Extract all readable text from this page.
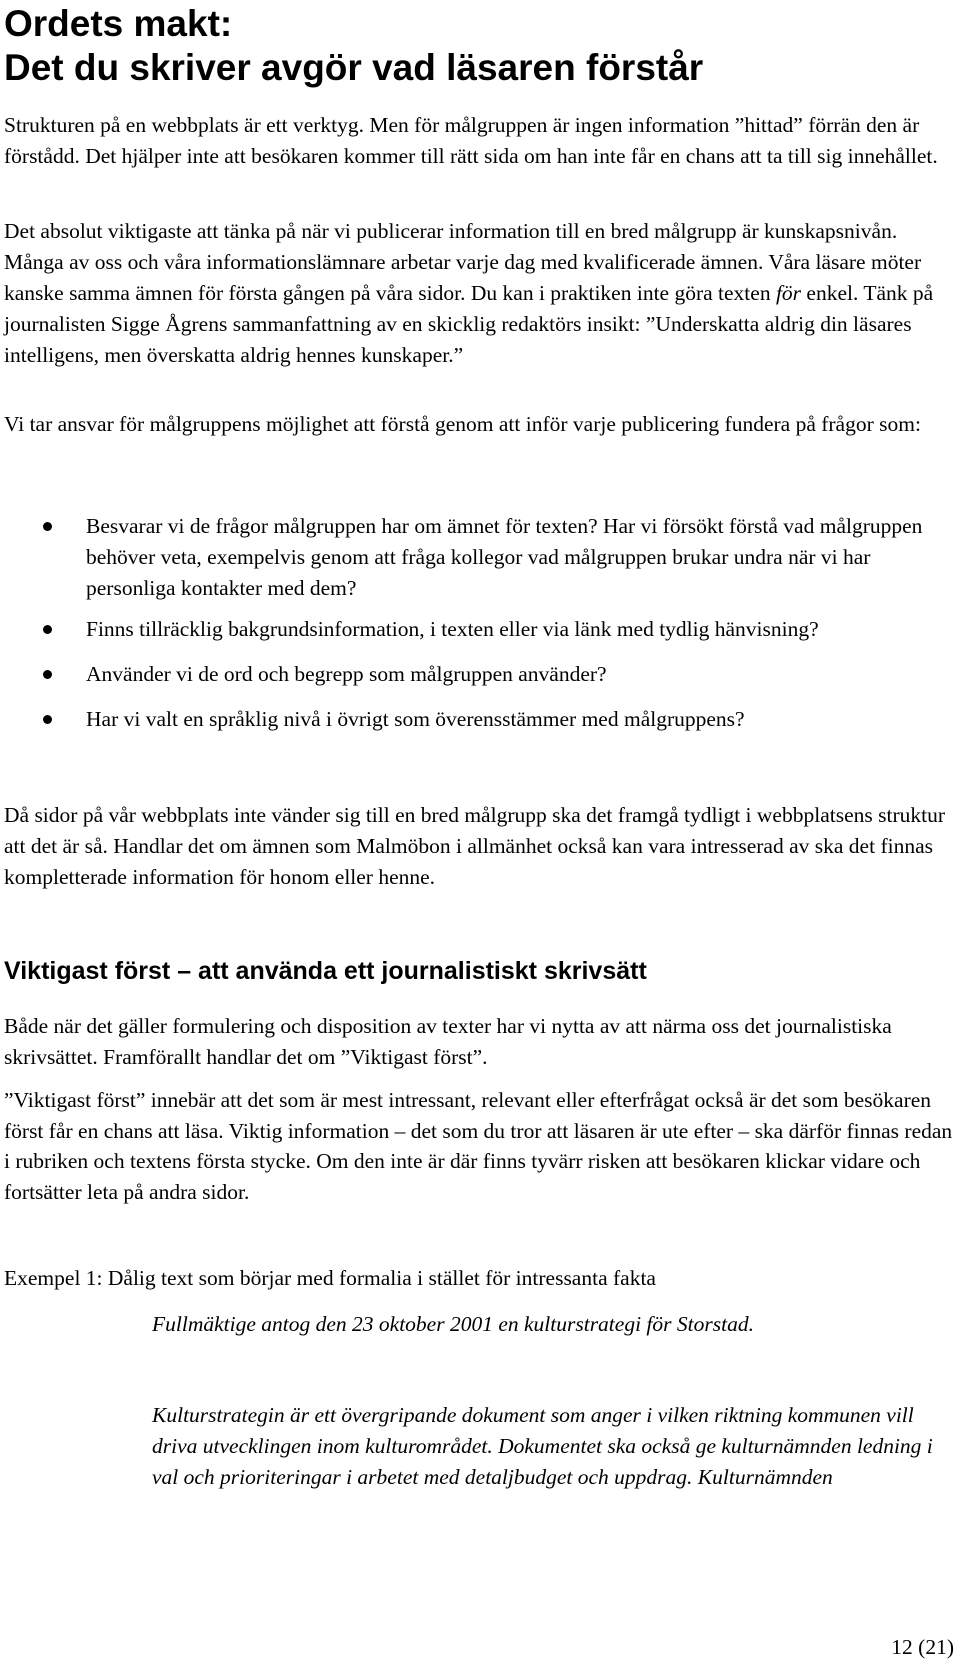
Ordets makt:
Det du skriver avgör vad läsaren förstår

Strukturen på en webbplats är ett verktyg. Men för målgruppen är ingen information ”hittad” förrän den är förstådd. Det hjälper inte att besökaren kommer till rätt sida om han inte får en chans att ta till sig innehållet.

Det absolut viktigaste att tänka på när vi publicerar information till en bred målgrupp är kunskapsnivån. Många av oss och våra informationslämnare arbetar varje dag med kvalificerade ämnen. Våra läsare möter kanske samma ämnen för första gången på våra sidor. Du kan i praktiken inte göra texten för enkel. Tänk på journalisten Sigge Ågrens sammanfattning av en skicklig redaktörs insikt: ”Underskatta aldrig din läsares intelligens, men överskatta aldrig hennes kunskaper.”

Vi tar ansvar för målgruppens möjlighet att förstå genom att inför varje publicering fundera på frågor som:

Besvarar vi de frågor målgruppen har om ämnet för texten? Har vi försökt förstå vad målgruppen behöver veta, exempelvis genom att fråga kollegor vad målgruppen brukar undra när vi har personliga kontakter med dem?
Finns tillräcklig bakgrundsinformation, i texten eller via länk med tydlig hänvisning?
Använder vi de ord och begrepp som målgruppen använder?
Har vi valt en språklig nivå i övrigt som överensstämmer med målgruppens?

Då sidor på vår webbplats inte vänder sig till en bred målgrupp ska det framgå tydligt i webbplatsens struktur att det är så. Handlar det om ämnen som Malmöbon i allmänhet också kan vara intresserad av ska det finnas kompletterade information för honom eller henne.

Viktigast först – att använda ett journalistiskt skrivsätt

Både när det gäller formulering och disposition av texter har vi nytta av att närma oss det journalistiska skrivsättet. Framförallt handlar det om ”Viktigast först”.

”Viktigast först” innebär att det som är mest intressant, relevant eller efterfrågat också är det som besökaren först får en chans att läsa. Viktig information – det som du tror att läsaren är ute efter – ska därför finnas redan i rubriken och textens första stycke. Om den inte är där finns tyvärr risken att besökaren klickar vidare och fortsätter leta på andra sidor.

Exempel 1: Dålig text som börjar med formalia i stället för intressanta fakta

Fullmäktige antog den 23 oktober 2001 en kulturstrategi för Storstad.

Kulturstrategin är ett övergripande dokument som anger i vilken riktning kommunen vill driva utvecklingen inom kulturområdet. Dokumentet ska också ge kulturnämnden ledning i val och prioriteringar i arbetet med detaljbudget och uppdrag. Kulturnämnden

12 (21)
